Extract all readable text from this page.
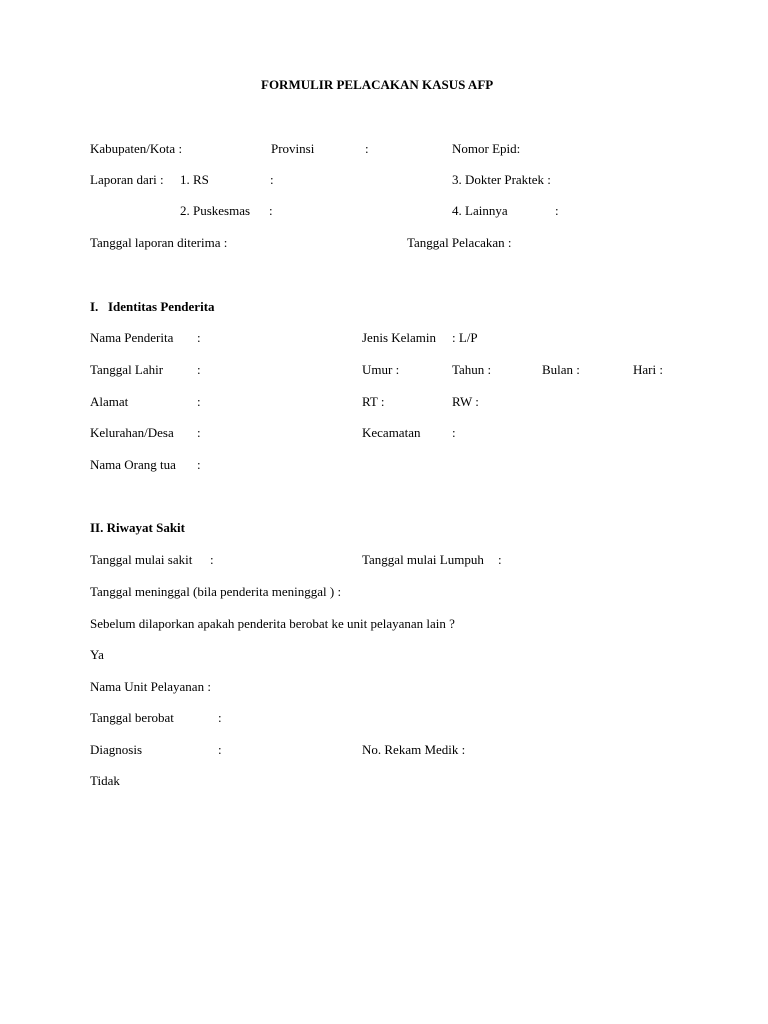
FORMULIR PELACAKAN KASUS AFP
Kabupaten/Kota :	Provinsi	:	Nomor Epid:
Laporan dari : 1. RS	:	3. Dokter Praktek :
2. Puskesmas :	4. Lainnya	:
Tanggal laporan diterima :	Tanggal Pelacakan :
I. Identitas Penderita
Nama Penderita :	Jenis Kelamin : L/P
Tanggal Lahir	:	Umur :	Tahun :	Bulan :	Hari :
Alamat	:	RT :	RW :
Kelurahan/Desa :	Kecamatan :
Nama Orang tua :
II. Riwayat Sakit
Tanggal mulai sakit :	Tanggal mulai Lumpuh :
Tanggal meninggal (bila penderita meninggal ) :
Sebelum dilaporkan apakah penderita berobat ke unit pelayanan lain ?
Ya
Nama Unit Pelayanan :
Tanggal berobat	:
Diagnosis	:	No. Rekam Medik :
Tidak
